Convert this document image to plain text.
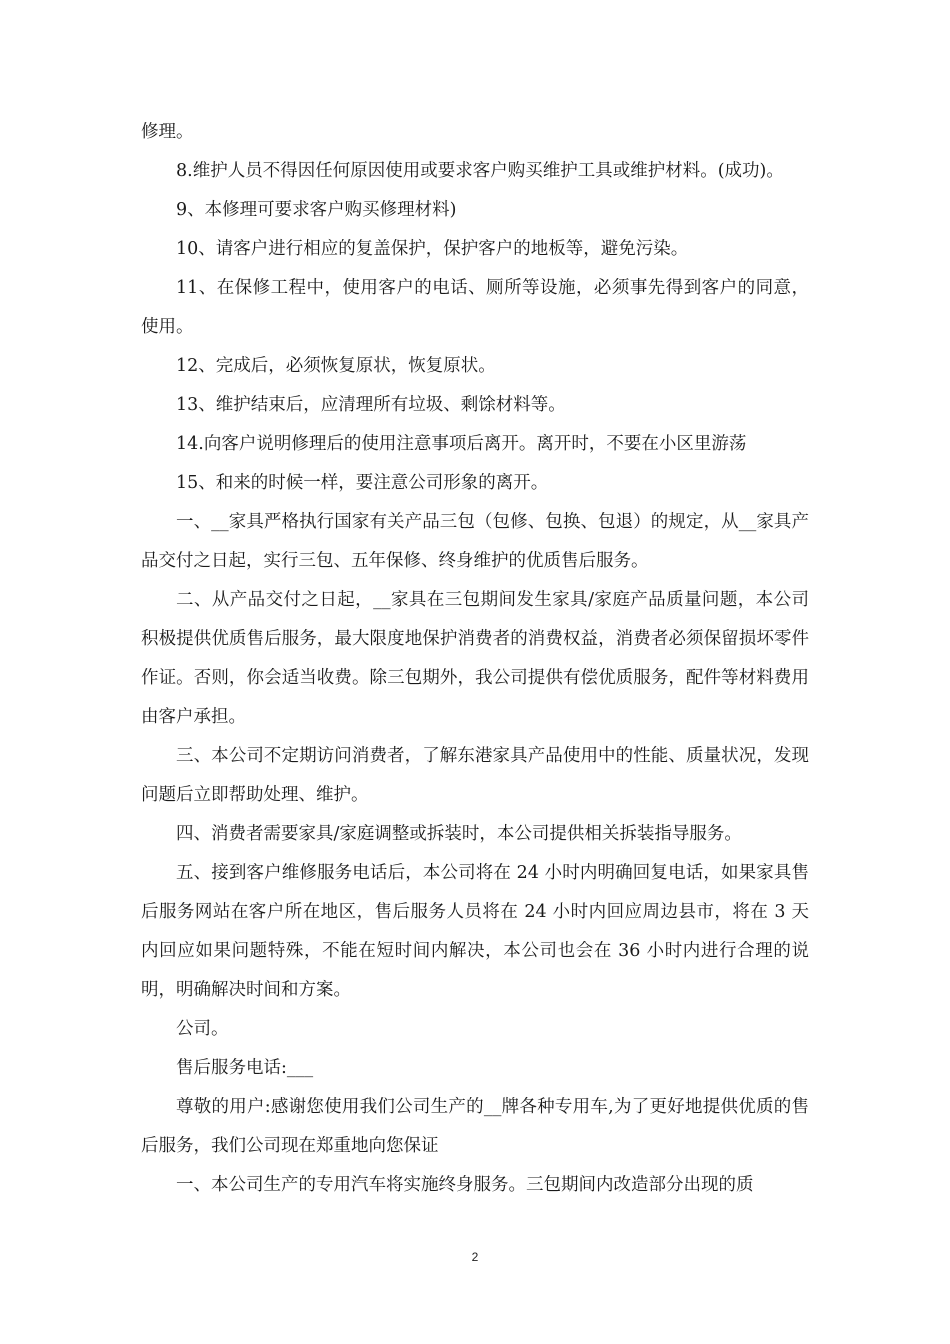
修理。

8.维护人员不得因任何原因使用或要求客户购买维护工具或维护材料。(成功)。

9、本修理可要求客户购买修理材料)

10、请客户进行相应的复盖保护，保护客户的地板等，避免污染。

11、在保修工程中，使用客户的电话、厕所等设施，必须事先得到客户的同意，使用。

12、完成后，必须恢复原状，恢复原状。

13、维护结束后，应清理所有垃圾、剩馀材料等。

14.向客户说明修理后的使用注意事项后离开。离开时，不要在小区里游荡

15、和来的时候一样，要注意公司形象的离开。

一、__家具严格执行国家有关产品三包（包修、包换、包退）的规定，从__家具产品交付之日起，实行三包、五年保修、终身维护的优质售后服务。

二、从产品交付之日起，__家具在三包期间发生家具/家庭产品质量问题，本公司积极提供优质售后服务，最大限度地保护消费者的消费权益，消费者必须保留损坏零件作证。否则，你会适当收费。除三包期外，我公司提供有偿优质服务，配件等材料费用由客户承担。

三、本公司不定期访问消费者，了解东港家具产品使用中的性能、质量状况，发现问题后立即帮助处理、维护。

四、消费者需要家具/家庭调整或拆装时，本公司提供相关拆装指导服务。

五、接到客户维修服务电话后，本公司将在 24 小时内明确回复电话，如果家具售后服务网站在客户所在地区，售后服务人员将在 24 小时内回应周边县市，将在 3 天内回应如果问题特殊，不能在短时间内解决，本公司也会在 36 小时内进行合理的说明，明确解决时间和方案。

公司。

售后服务电话:___

尊敬的用户:感谢您使用我们公司生产的__牌各种专用车,为了更好地提供优质的售后服务，我们公司现在郑重地向您保证

一、本公司生产的专用汽车将实施终身服务。三包期间内改造部分出现的质

2
